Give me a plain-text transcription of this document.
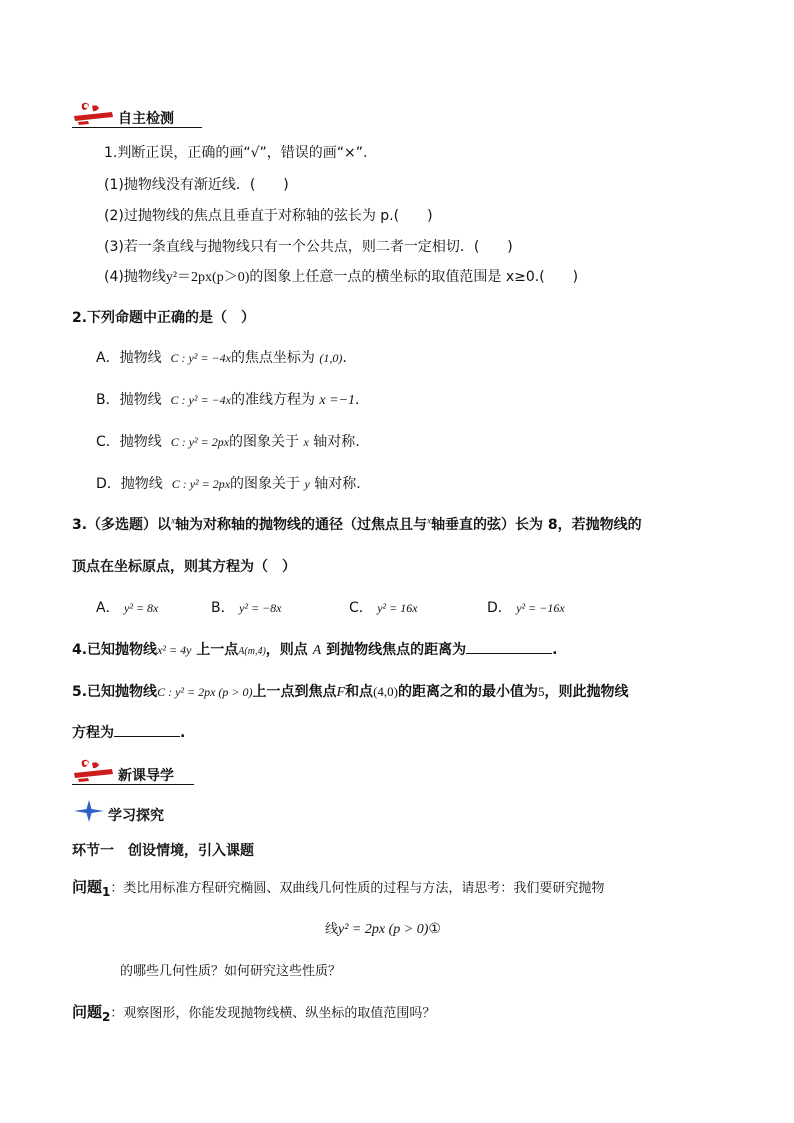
自主检测
1.判断正误，正确的画“√”，错误的画“×”.
(1)抛物线没有渐近线．(　　)
(2)过抛物线的焦点且垂直于对称轴的弦长为 p.(　　)
(3)若一条直线与抛物线只有一个公共点，则二者一定相切．(　　)
(4)抛物线y²＝2px(p＞0)的图象上任意一点的横坐标的取值范围是 x≥0.(　　)
2.下列命题中正确的是（　）
A．抛物线 C : y² = −4x的焦点坐标为 (1,0).
B．抛物线 C : y² = −4x的准线方程为 x =−1.
C．抛物线 C : y² = 2px的图象关于 x 轴对称.
D．抛物线 C : y² = 2px的图象关于 y 轴对称.
3.（多选题）以$^x$轴为对称轴的抛物线的通径（过焦点且与$^x$轴垂直的弦）长为 8，若抛物线的
顶点在坐标原点，则其方程为（　）
A． y² = 8x	B． y² = −8x	C． y² = 16x	D． y² = −16x
4.已知抛物线x² = 4y 上一点A(m,4)，则点 A 到抛物线焦点的距离为	.
5.已知抛物线C : y² = 2px (p > 0)上一点到焦点F和点(4,0)的距离之和的最小值为5，则此抛物线
方程为	.
新课导学
学习探究
环节一　创设情境，引入课题
问题1：类比用标准方程研究椭圆、双曲线几何性质的过程与方法，请思考：我们要研究抛物
线y² = 2px (p > 0)①
的哪些几何性质？如何研究这些性质？
问题2：观察图形，你能发现抛物线横、纵坐标的取值范围吗？
